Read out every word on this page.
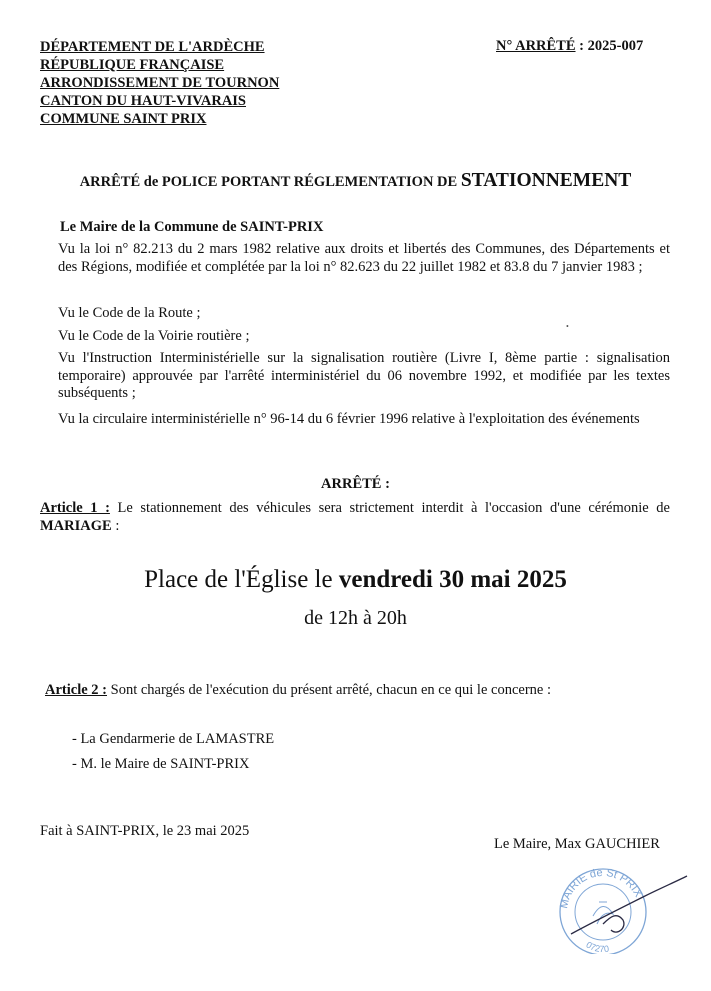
DÉPARTEMENT DE L'ARDÈCHE
RÉPUBLIQUE FRANÇAISE
ARRONDISSEMENT DE TOURNON
CANTON DU HAUT-VIVARAIS
COMMUNE SAINT PRIX
N° ARRÊTÉ : 2025-007
ARRÊTÉ de POLICE PORTANT RÉGLEMENTATION DE STATIONNEMENT
Le Maire de la Commune de SAINT-PRIX
Vu la loi n° 82.213 du 2 mars 1982 relative aux droits et libertés des Communes, des Départements et des Régions, modifiée et complétée par la loi n° 82.623 du 22 juillet 1982 et 83.8 du 7 janvier 1983 ;
Vu le Code de la Route ;
Vu le Code de la Voirie routière ;
Vu l'Instruction Interministérielle sur la signalisation routière (Livre I, 8ème partie : signalisation temporaire) approuvée par l'arrêté interministériel du 06 novembre 1992, et modifiée par les textes subséquents ;
Vu la circulaire interministérielle n° 96-14 du 6 février 1996 relative à l'exploitation des événements
•
ARRÊTÉ :
Article 1 : Le stationnement des véhicules sera strictement interdit à l'occasion d'une cérémonie de MARIAGE :
Place de l'Église le vendredi 30 mai 2025
de 12h à 20h
Article 2 : Sont chargés de l'exécution du présent arrêté, chacun en ce qui le concerne :
- La Gendarmerie de LAMASTRE
- M. le Maire de SAINT-PRIX
Fait à SAINT-PRIX, le 23 mai 2025
Le Maire, Max GAUCHIER
MAIRIE de St PRIX
07270
